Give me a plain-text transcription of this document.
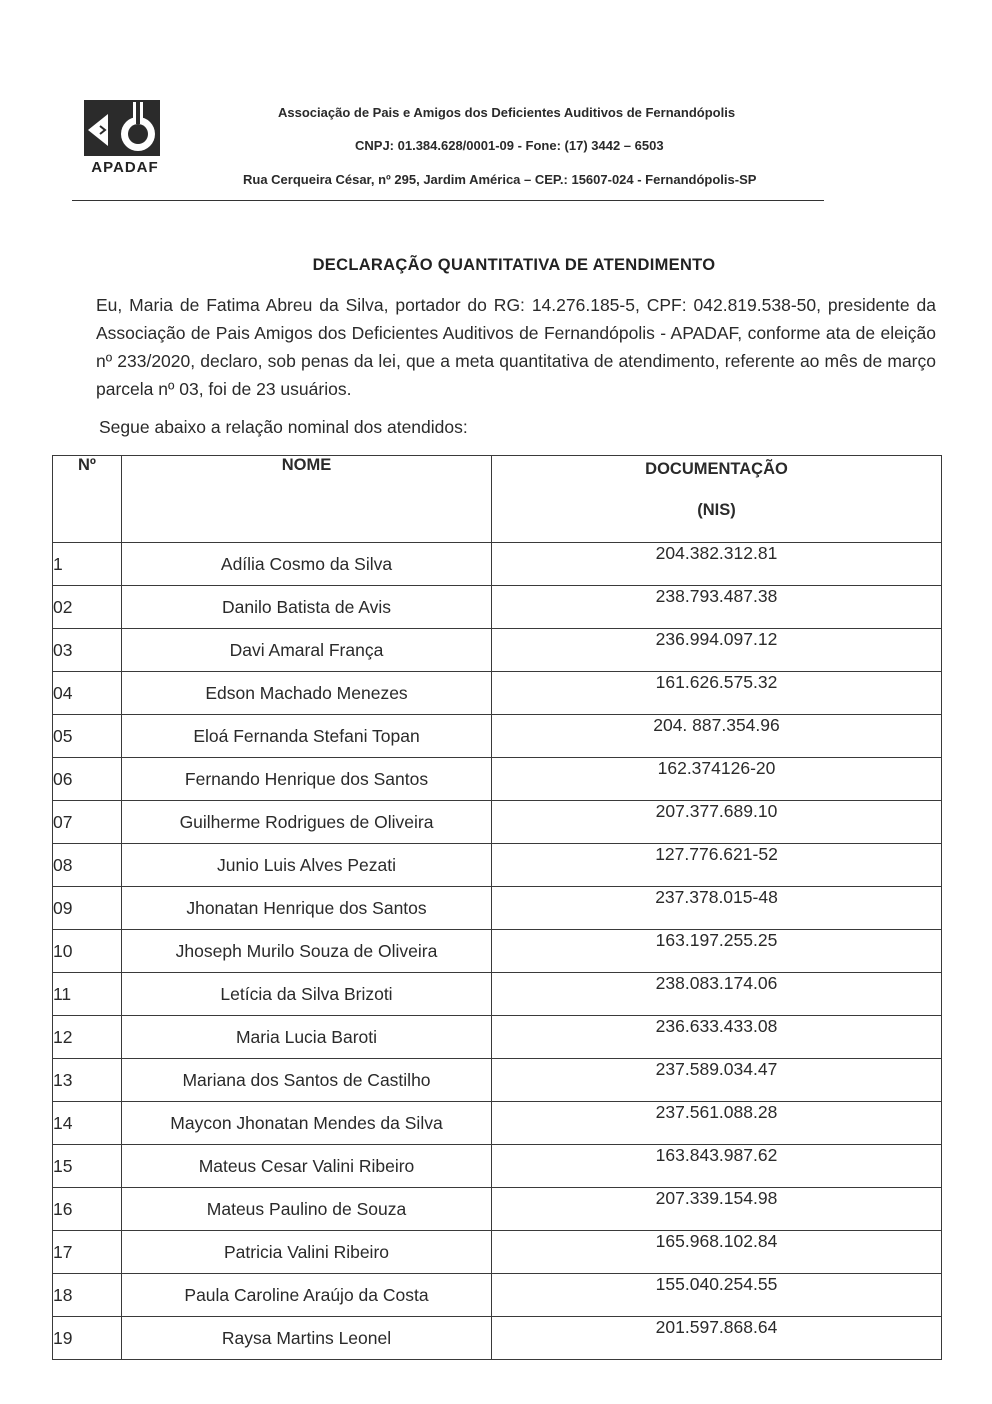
APADAF
Associação de Pais e Amigos dos Deficientes Auditivos de Fernandópolis
CNPJ: 01.384.628/0001-09 - Fone: (17) 3442 – 6503
Rua Cerqueira César, nº 295, Jardim América – CEP.: 15607-024 - Fernandópolis-SP
DECLARAÇÃO QUANTITATIVA DE ATENDIMENTO
Eu, Maria de Fatima Abreu da Silva, portador do RG: 14.276.185-5, CPF: 042.819.538-50, presidente da Associação de Pais Amigos dos Deficientes Auditivos de Fernandópolis - APADAF, conforme ata de eleição nº 233/2020, declaro, sob penas da lei, que a meta quantitativa de atendimento, referente ao mês de março parcela nº 03, foi de 23 usuários.
Segue abaixo a relação nominal dos atendidos:
Nº	NOME	DOCUMENTAÇÃO
(NIS)

1	Adília Cosmo da Silva	204.382.312.81
02	Danilo Batista de Avis	238.793.487.38
03	Davi Amaral França	236.994.097.12
04	Edson Machado Menezes	161.626.575.32
05	Eloá Fernanda Stefani Topan	204. 887.354.96
06	Fernando Henrique dos Santos	162.374126-20
07	Guilherme Rodrigues de Oliveira	207.377.689.10
08	Junio Luis Alves Pezati	127.776.621-52
09	Jhonatan Henrique dos Santos	237.378.015-48
10	Jhoseph Murilo Souza de Oliveira	163.197.255.25
11	Letícia da Silva Brizoti	238.083.174.06
12	Maria Lucia Baroti	236.633.433.08
13	Mariana dos Santos de Castilho	237.589.034.47
14	Maycon Jhonatan Mendes da Silva	237.561.088.28
15	Mateus Cesar Valini Ribeiro	163.843.987.62
16	Mateus Paulino de Souza	207.339.154.98
17	Patricia Valini Ribeiro	165.968.102.84
18	Paula Caroline Araújo da Costa	155.040.254.55
19	Raysa Martins Leonel	201.597.868.64
